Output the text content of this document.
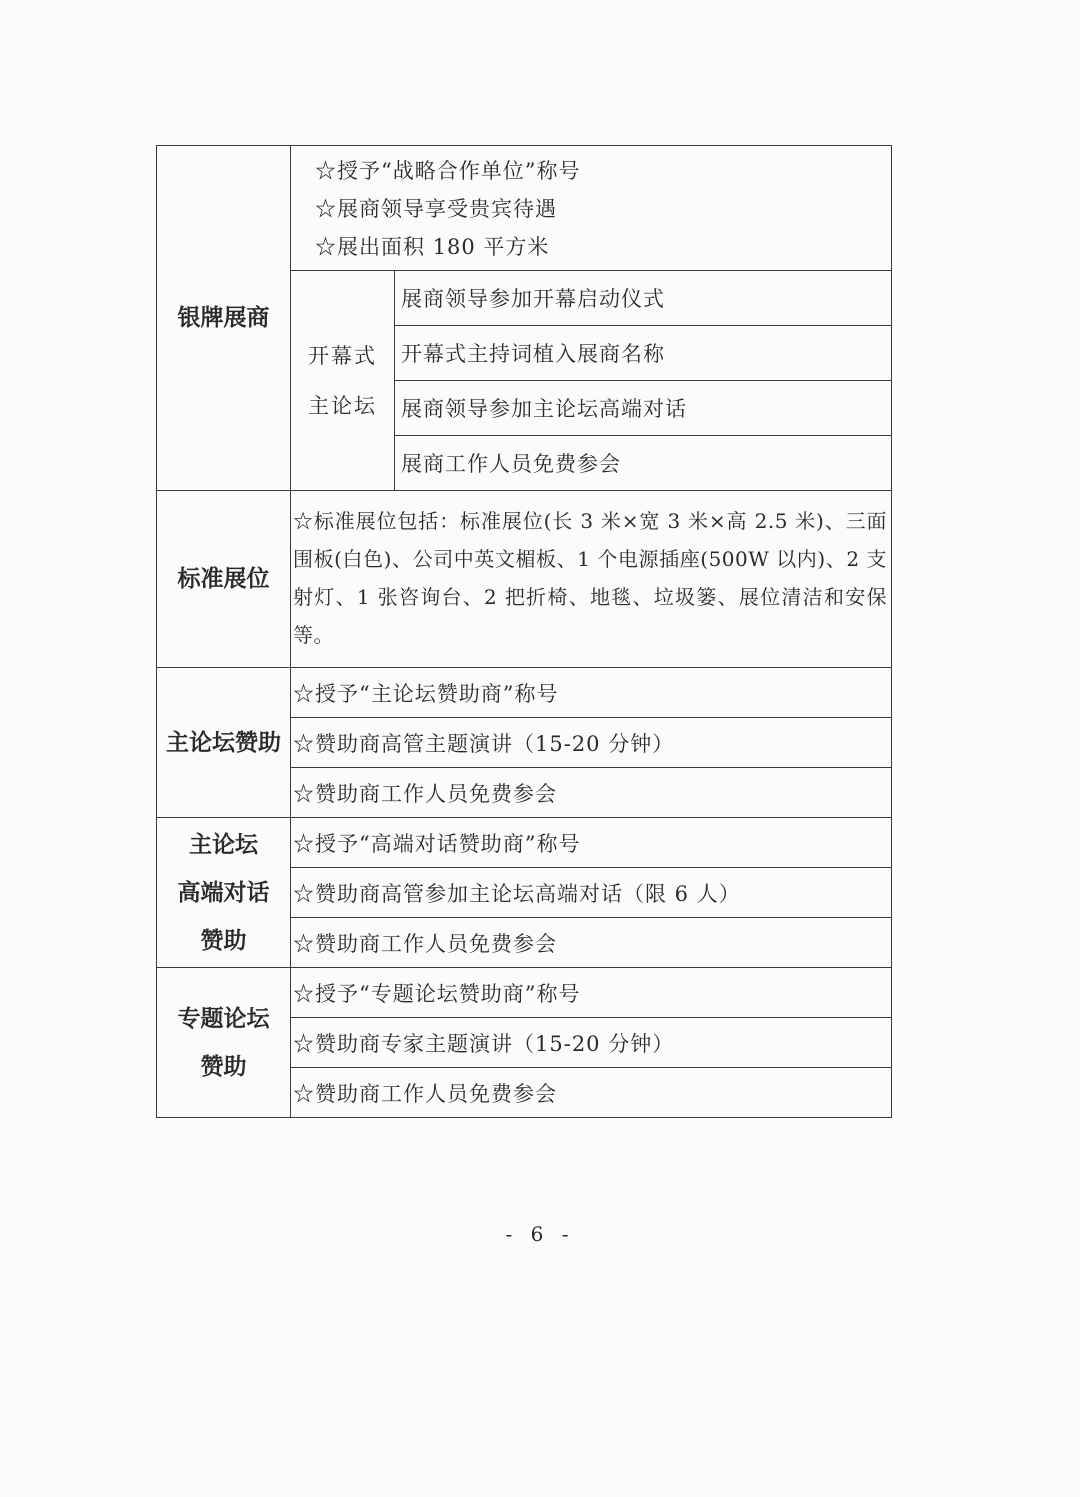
银牌展商	☆授予“战略合作单位”称号
☆展商领导享受贵宾待遇
☆展出面积 180 平方米	

	开幕式
主论坛	展商领导参加开幕启动仪式
		开幕式主持词植入展商名称
		展商领导参加主论坛高端对话
		展商工作人员免费参会
标准展位	☆标准展位包括：标准展位(长 3 米×宽 3 米×高 2.5 米)、三面围板(白色)、公司中英文楣板、1 个电源插座(500W 以内)、2 支射灯、1 张咨询台、2 把折椅、地毯、垃圾篓、展位清洁和安保等。	
主论坛赞助	☆授予“主论坛赞助商”称号	
	☆赞助商高管主题演讲（15-20 分钟）	
	☆赞助商工作人员免费参会	

主论坛
高端对话
赞助	☆授予“高端对话赞助商”称号	
	☆赞助商高管参加主论坛高端对话（限 6 人）	
	☆赞助商工作人员免费参会	

专题论坛
赞助	☆授予“专题论坛赞助商”称号	
	☆赞助商专家主题演讲（15-20 分钟）	
	☆赞助商工作人员免费参会	
- 6 -
